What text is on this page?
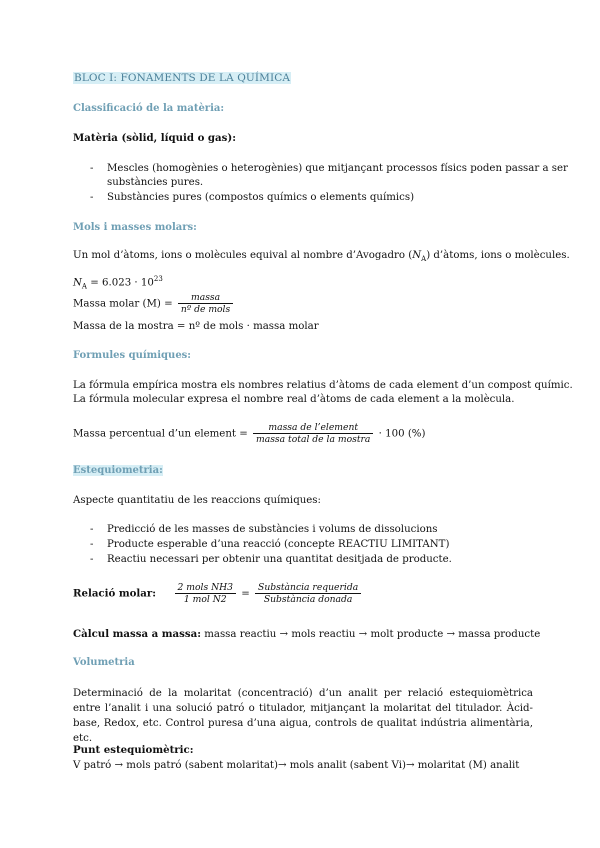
BLOC I: FONAMENTS DE LA QUÍMICA
Classificació de la matèria:
Matèria (sòlid, líquid o gas):
- Mescles (homogènies o heterogènies) que mitjançant processos físics poden passar a ser
substàncies pures.
- Substàncies pures (compostos químics o elements químics)
Mols i masses molars:
Un mol d’àtoms, ions o molècules equival al nombre d’Avogadro $(N_A)$ d’àtoms, ions o molècules.
$N_A = 6.023 \cdot 10^{23}$
Massa molar $(M) = \frac{\text{massa}}{\text{nº de mols}}$
Massa de la mostra = nº de mols · massa molar
Formules químiques:
La fórmula empírica mostra els nombres relatius d’àtoms de cada element d’un compost químic.
La fórmula molecular expresa el nombre real d’àtoms de cada element a la molècula.
Massa percentual d’un element = $\frac{\text{massa de l’element}}{\text{massa total de la mostra}} \cdot 100$ (%)
Estequiometria:
Aspecte quantitatiu de les reaccions químiques:
- Predicció de les masses de substàncies i volums de dissolucions
- Producte esperable d’una reacció (concepte REACTIU LIMITANT)
- Reactiu necessari per obtenir una quantitat desitjada de producte.
Relació molar: $\frac{\text{2 mols NH3}}{\text{1 mol N2}} = \frac{\text{Substància requerida}}{\text{Substància donada}}$
Càlcul massa a massa: massa reactiu → mols reactiu → molt producte → massa producte
Volumetria
Determinació de la molaritat (concentració) d’un analit per relació estequiomètrica entre l’analit i una solució patró o titulador, mitjançant la molaritat del titulador. Àcid-base, Redox, etc. Control puresa d’una aigua, controls de qualitat indústria alimentària, etc.
Punt estequiomètric:
V patró → mols patró (sabent molaritat)→ mols analit (sabent Vi)→ molaritat (M) analit
